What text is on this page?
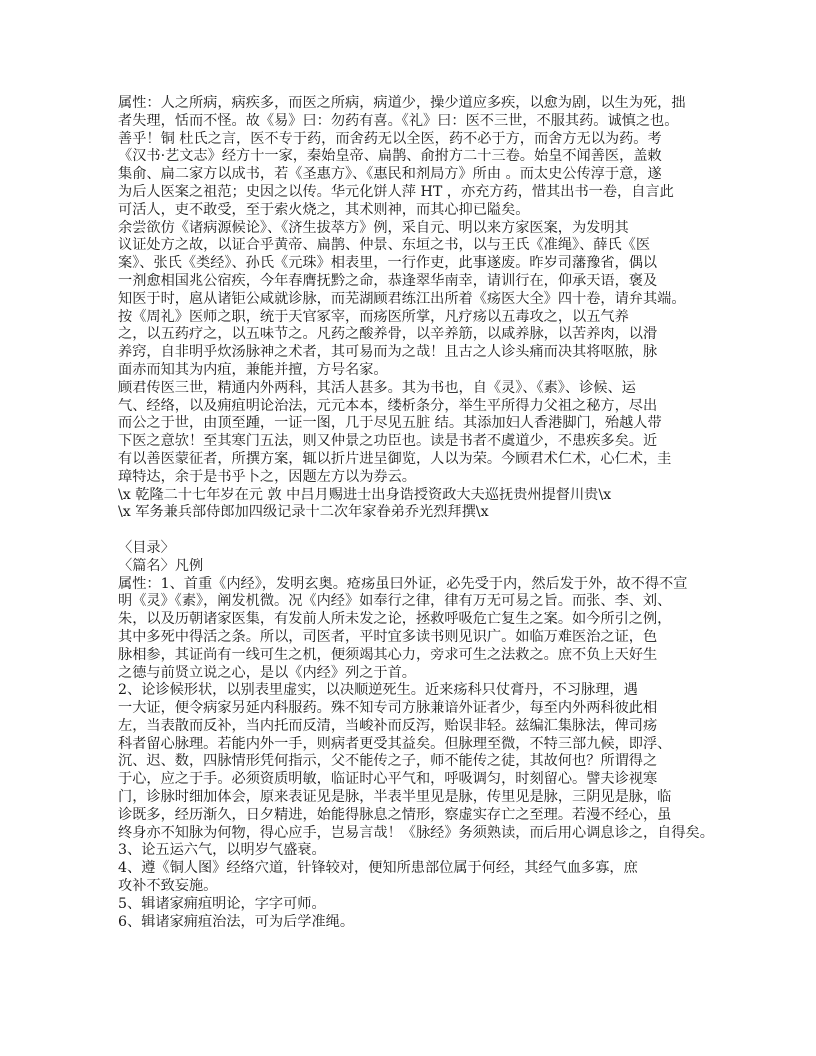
属性：人之所病，病疾多，而医之所病，病道少，操少道应多疾，以愈为剧，以生为死，拙
者失理，恬而不怪。故《易》曰：勿药有喜。《礼》曰：医不三世，不服其药。诚慎之也。
善乎！铜 杜氏之言，医不专于药，而舍药无以全医，药不必于方，而舍方无以为药。考
《汉书·艺文志》经方十一家，秦始皇帝、扁鹊、俞拊方二十三卷。始皇不闻善医，盖敕
集俞、扁二家方以成书，若《圣惠方》、《惠民和剂局方》所由 。而太史公传淳于意，遂
为后人医案之祖范；史因之以传。华元化饼人萍 HT ，亦充方药，惜其出书一卷，自言此
可活人，吏不敢受，至于索火烧之，其术则神，而其心抑已隘矣。
余尝欲仿《诸病源候论》、《济生拔萃方》例，采自元、明以来方家医案，为发明其
议证处方之故，以证合乎黄帝、扁鹊、仲景、东垣之书，以与王氏《准绳》、薛氏《医
案》、张氏《类经》、孙氏《元珠》相表里，一行作吏，此事遂废。昨岁司藩豫省，偶以
一剂愈相国兆公宿疾，今年春膺抚黔之命，恭逢翠华南幸，请训行在，仰承天语，褒及
知医于时，扈从诸钜公咸就诊脉，而芜湖顾君练江出所着《疡医大全》四十卷，请弁其端。
按《周礼》医师之职，统于天官冢宰，而疡医所掌，凡疗疡以五毒攻之，以五气养
之，以五药疗之，以五味节之。凡药之酸养骨，以辛养筋，以咸养脉，以苦养肉，以滑
养窍，自非明乎炊汤脉神之术者，其可易而为之哉！且古之人诊头痛而决其将呕脓，脉
面赤而知其为内疽，兼能并擅，方号名家。
顾君传医三世，精通内外两科，其活人甚多。其为书也，自《灵》、《素》、诊候、运
气、经络，以及痈疽明论治法，元元本本，缕析条分，举生平所得力父祖之秘方，尽出
而公之于世，由顶至踵，一证一图，几于尽见五脏 结。其添加妇人香港脚门，殆越人带
下医之意欤！至其寒门五法，则又仲景之功臣也。读是书者不虞道少，不患疾多矣。近
有以善医蒙征者，所撰方案，辄以折片进呈御览，人以为荣。今顾君术仁术，心仁术，圭
璋特达，余于是书乎卜之，因题左方以为券云。
\x 乾隆二十七年岁在元 敦 中吕月赐进士出身诰授资政大夫巡抚贵州提督川贵\x
\x 军务兼兵部侍郎加四级记录十二次年家眷弟乔光烈拜撰\x
〈目录〉
〈篇名〉凡例
属性：1、首重《内经》，发明玄奥。疮疡虽曰外证，必先受于内，然后发于外，故不得不宣
明《灵》《素》，阐发机微。况《内经》如奉行之律，律有万无可易之旨。而张、李、刘、
朱，以及历朝诸家医集，有发前人所未发之论，拯救呼吸危亡复生之案。如今所引之例，
其中多死中得活之条。所以，司医者，平时宜多读书则见识广。如临万难医治之证，色
脉相参，其证尚有一线可生之机，便须竭其心力，旁求可生之法救之。庶不负上天好生
之德与前贤立说之心，是以《内经》列之于首。
2、论诊候形状，以别表里虚实，以决顺逆死生。近来疡科只仗膏丹，不习脉理，遇
一大证，便令病家另延内科服药。殊不知专司方脉兼谙外证者少，每至内外两科彼此相
左，当表散而反补，当内托而反清，当峻补而反泻，贻误非轻。兹编汇集脉法，俾司疡
科者留心脉理。若能内外一手，则病者更受其益矣。但脉理至微，不特三部九候，即浮、
沉、迟、数，四脉情形凭何指示，父不能传之子，师不能传之徒，其故何也？所谓得之
于心，应之于手。必须资质明敏，临证时心平气和，呼吸调匀，时刻留心。譬夫诊视寒
门，诊脉时细加体会，原来表证见是脉，半表半里见是脉，传里见是脉，三阴见是脉，临
诊既多，经历渐久，日夕精进，始能得脉息之情形，察虚实存亡之至理。若漫不经心，虽
终身亦不知脉为何物，得心应手，岂易言哉！《脉经》务须熟读，而后用心调息诊之，自得矣。
3、论五运六气，以明岁气盛衰。
4、遵《铜人图》经络穴道，针锋较对，便知所患部位属于何经，其经气血多寡，庶
攻补不致妄施。
5、辑诸家痈疽明论，字字可师。
6、辑诸家痈疽治法，可为后学准绳。
